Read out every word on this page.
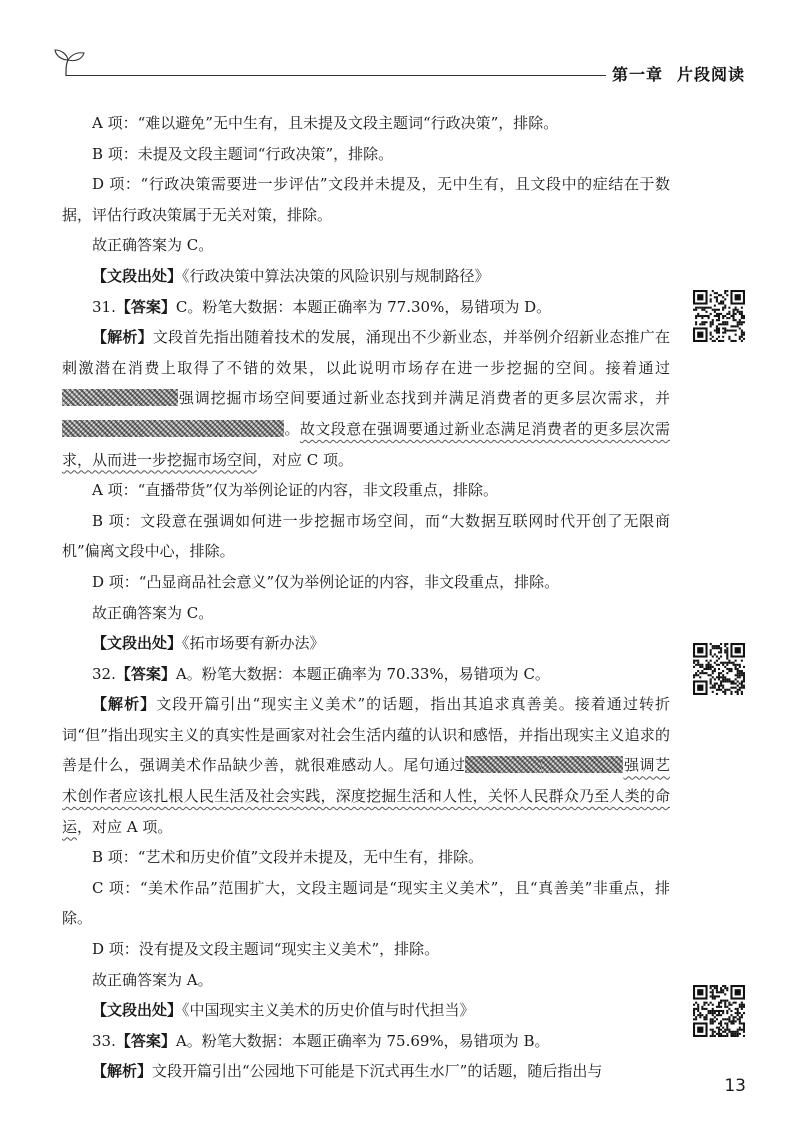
第一章 片段阅读

A 项：“难以避免”无中生有，且未提及文段主题词“行政决策”，排除。

B 项：未提及文段主题词“行政决策”，排除。

D 项：“行政决策需要进一步评估”文段并未提及，无中生有，且文段中的症结在于数据，评估行政决策属于无关对策，排除。

故正确答案为 C。

【文段出处】《行政决策中算法决策的风险识别与规制路径》

31.【答案】C。粉笔大数据：本题正确率为 77.30%，易错项为 D。

【解析】文段首先指出随着技术的发展，涌现出不少新业态，并举例介绍新业态推广在刺激潜在消费上取得了不错的效果，以此说明市场存在进一步挖掘的空间。接着通过强调挖掘市场空间要通过新业态找到并满足消费者的更多层次需求，并。故文段意在强调要通过新业态满足消费者的更多层次需求，从而进一步挖掘市场空间，对应 C 项。

A 项：“直播带货”仅为举例论证的内容，非文段重点，排除。

B 项：文段意在强调如何进一步挖掘市场空间，而“大数据互联网时代开创了无限商机”偏离文段中心，排除。

D 项：“凸显商品社会意义”仅为举例论证的内容，非文段重点，排除。

故正确答案为 C。

【文段出处】《拓市场要有新办法》

32.【答案】A。粉笔大数据：本题正确率为 70.33%，易错项为 C。

【解析】文段开篇引出“现实主义美术”的话题，指出其追求真善美。接着通过转折词“但”指出现实主义的真实性是画家对社会生活内蕴的认识和感悟，并指出现实主义追求的善是什么，强调美术作品缺少善，就很难感动人。尾句通过	强调艺术创作者应该扎根人民生活及社会实践，深度挖掘生活和人性，关怀人民群众乃至人类的命运，对应 A 项。

B 项：“艺术和历史价值”文段并未提及，无中生有，排除。

C 项：“美术作品”范围扩大，文段主题词是“现实主义美术”，且“真善美”非重点，排除。

D 项：没有提及文段主题词“现实主义美术”，排除。

故正确答案为 A。

【文段出处】《中国现实主义美术的历史价值与时代担当》

33.【答案】A。粉笔大数据：本题正确率为 75.69%，易错项为 B。

【解析】文段开篇引出“公园地下可能是下沉式再生水厂”的话题，随后指出与

13
